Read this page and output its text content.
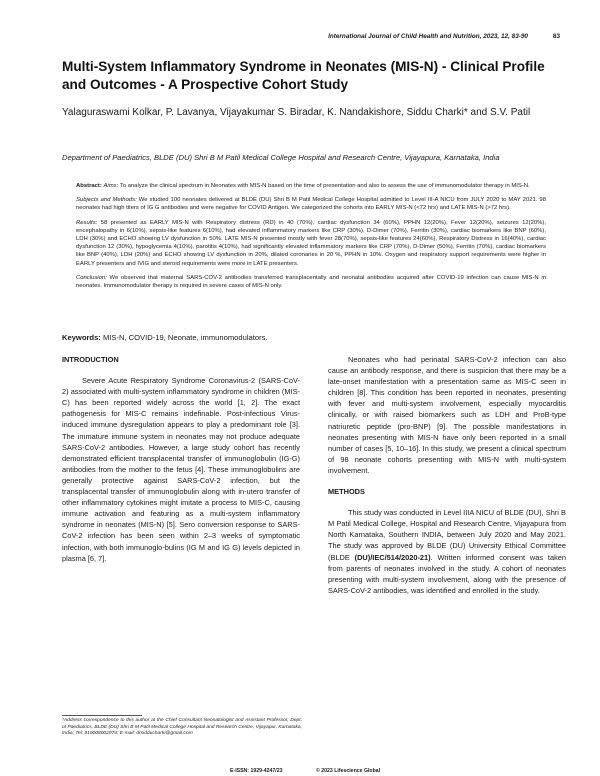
International Journal of Child Health and Nutrition, 2023, 12, 83-90	83
Multi-System Inflammatory Syndrome in Neonates (MIS-N) - Clinical Profile and Outcomes - A Prospective Cohort Study
Yalaguraswami Kolkar, P. Lavanya, Vijayakumar S. Biradar, K. Nandakishore, Siddu Charki* and S.V. Patil
Department of Paediatrics, BLDE (DU) Shri B M Patil Medical College Hospital and Research Centre, Vijayapura, Karnataka, India

Abstract: Aims: To analyze the clinical spectrum in Neonates with MIS-N based on the time of presentation and also to assess the use of immunomodulator therapy in MIS-N.

Subjects and Methods: We studied 100 neonates delivered at BLDE (DU) Shri B M Patil Medical College Hospital admitted to Level III-A NICU from JULY 2020 to MAY 2021. 98 neonates had high titers of IG G antibodies and were negative for COVID Antigen. We categorized the cohorts into EARLY MIS-N (<72 hrs) and LATE MIS-N (>72 hrs).

Results: 58 presented as EARLY MIS-N with Respiratory distress (RD) in 40 (70%), cardiac dysfunction 34 (60%), PPHN 12(20%), Fever 12(20%), seizures 12(20%), encephalopathy in 6(10%), sepsis-like features 6(10%), had elevated inflammatory markers like CRP (30%), D-Dimer (70%), Ferritin (30%), cardiac biomarkers like BNP (60%), LDH (30%) and ECHO showing LV dysfunction in 50%. LATE MIS-N presented mostly with fever 28(70%), sepsis-like features 24(60%), Respiratory Distress in 16(40%), cardiac dysfunction 12 (30%), hypoglycemia 4(10%), parotitis 4(10%), had significantly elevated inflammatory markers like CRP (70%), D-Dimer (50%), Ferritin (70%), cardiac biomarkers like BNP (40%), LDH (20%) and ECHO showing LV dysfunction in 20%, dilated coronaries in 20 %, PPHN in 10%. Oxygen and respiratory support requirements were higher in EARLY presenters and IVIG and steroid requirements were more in LATE presenters.

Conclusion: We observed that maternal SARS-COV-2 antibodies transferred transplacentally and neonatal antibodies acquired after COVID-19 infection can cause MIS-N in neonates. Immunomodulator therapy is required in severe cases of MIS-N only.

Keywords: MIS-N, COVID-19, Neonate, immunomodulators.
INTRODUCTION

Severe Acute Respiratory Syndrome Coronavirus-2 (SARS-CoV-2) associated with multi-system inflammatory syndrome in children (MIS-C) has been reported widely across the world [1, 2]. The exact pathogenesis for MIS-C remains indefinable. Post-infectious Virus-induced immune dysregulation appears to play a predominant role [3]. The immature immune system in neonates may not produce adequate SARS-CoV-2 antibodies. However, a large study cohort has recently demonstrated efficient transplacental transfer of immunoglobulin (IG-G) antibodies from the mother to the fetus [4]. These immunoglobulins are generally protective against SARS-CoV-2 infection, but the transplacental transfer of immunoglobulin along with in-utero transfer of other inflammatory cytokines might imitate a process to MIS-C, causing immune activation and featuring as a multi-system inflammatory syndrome in neonates (MIS-N) [5]. Sero conversion response to SARS-CoV-2 infection has been seen within 2–3 weeks of symptomatic infection, with both immunoglo-bulins (IG M and IG G) levels depicted in plasma [6, 7].

Neonates who had perinatal SARS-CoV-2 infection can also cause an antibody response, and there is suspicion that there may be a late-onset manifestation with a presentation same as MIS-C seen in children [8]. This condition has been reported in neonates, presenting with fever and multi-system involvement, especially myocarditis clinically, or with raised biomarkers such as LDH and ProB-type natriuretic peptide (pro-BNP) [9]. The possible manifestations in neonates presenting with MIS-N have only been reported in a small number of cases [5, 10–16]. In this study, we present a clinical spectrum of 98 neonate cohorts presenting with MIS-N with multi-system involvement.

METHODS

This study was conducted in Level IIIA NICU of BLDE (DU), Shri B M Patil Medical College, Hospital and Research Centre, Vijayapura from North Karnataka, Southern INDIA, between July 2020 and May 2021. The study was approved by BLDE (DU) University Ethical Committee (BLDE (DU)/IEC/514/2020-21). Written informed consent was taken from parents of neonates involved in the study. A cohort of neonates presenting with multi-system involvement, along with the presence of SARS-CoV-2 antibodies, was identified and enrolled in the study.

*Address correspondence to this author at the Chief Consultant Neonatologist and Assistant Professor, Dept. of Paediatrics, BLDE (DU) Shri B M Patil Medical College Hospital and Research Centre, Vijayapur, Karnataka, India; Tel: 919008002974; E-mail: drsidducharki@gmail.com
E-ISSN: 1929-4247/23	© 2023 Lifescience Global
